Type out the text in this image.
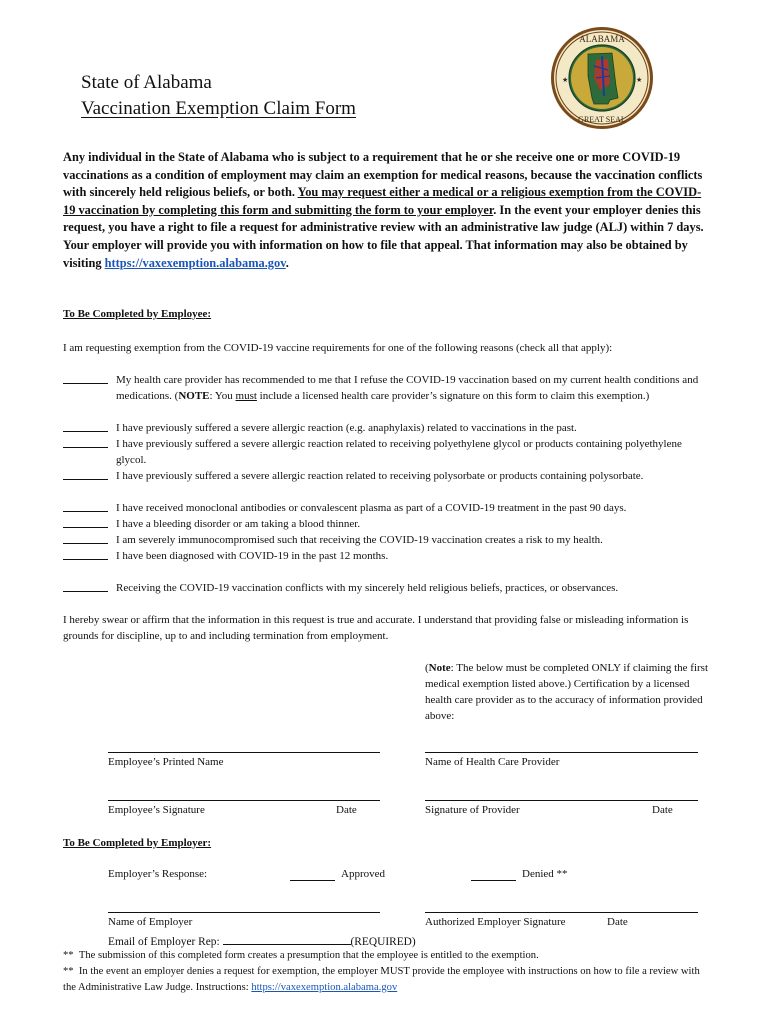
State of Alabama
Vaccination Exemption Claim Form
ALABAMA
GREAT SEAL
★	★
Any individual in the State of Alabama who is subject to a requirement that he or she receive one or more COVID-19 vaccinations as a condition of employment may claim an exemption for medical reasons, because the vaccination conflicts with sincerely held religious beliefs, or both. You may request either a medical or a religious exemption from the COVID-19 vaccination by completing this form and submitting the form to your employer. In the event your employer denies this request, you have a right to file a request for administrative review with an administrative law judge (ALJ) within 7 days. Your employer will provide you with information on how to file that appeal. That information may also be obtained by visiting https://vaxexemption.alabama.gov.
To Be Completed by Employee:
I am requesting exemption from the COVID-19 vaccine requirements for one of the following reasons (check all that apply):
My health care provider has recommended to me that I refuse the COVID-19 vaccination based on my current health conditions and medications. (NOTE: You must include a licensed health care provider’s signature on this form to claim this exemption.)
I have previously suffered a severe allergic reaction (e.g. anaphylaxis) related to vaccinations in the past.
I have previously suffered a severe allergic reaction related to receiving polyethylene glycol or products containing polyethylene glycol.
I have previously suffered a severe allergic reaction related to receiving polysorbate or products containing polysorbate.
I have received monoclonal antibodies or convalescent plasma as part of a COVID-19 treatment in the past 90 days.
I have a bleeding disorder or am taking a blood thinner.
I am severely immunocompromised such that receiving the COVID-19 vaccination creates a risk to my health.
I have been diagnosed with COVID-19 in the past 12 months.
Receiving the COVID-19 vaccination conflicts with my sincerely held religious beliefs, practices, or observances.
I hereby swear or affirm that the information in this request is true and accurate. I understand that providing false or misleading information is grounds for discipline, up to and including termination from employment.
(Note: The below must be completed ONLY if claiming the first medical exemption listed above.) Certification by a licensed health care provider as to the accuracy of information provided above:
Employee’s Printed Name	Name of Health Care Provider
Employee’s Signature	Date	Signature of Provider	Date
To Be Completed by Employer:
Employer’s Response:	Approved	Denied **
Name of Employer	Authorized Employer Signature	Date
Email of Employer Rep:	(REQUIRED)
** The submission of this completed form creates a presumption that the employee is entitled to the exemption.
** In the event an employer denies a request for exemption, the employer MUST provide the employee with instructions on how to file a review with the Administrative Law Judge. Instructions: https://vaxexemption.alabama.gov
